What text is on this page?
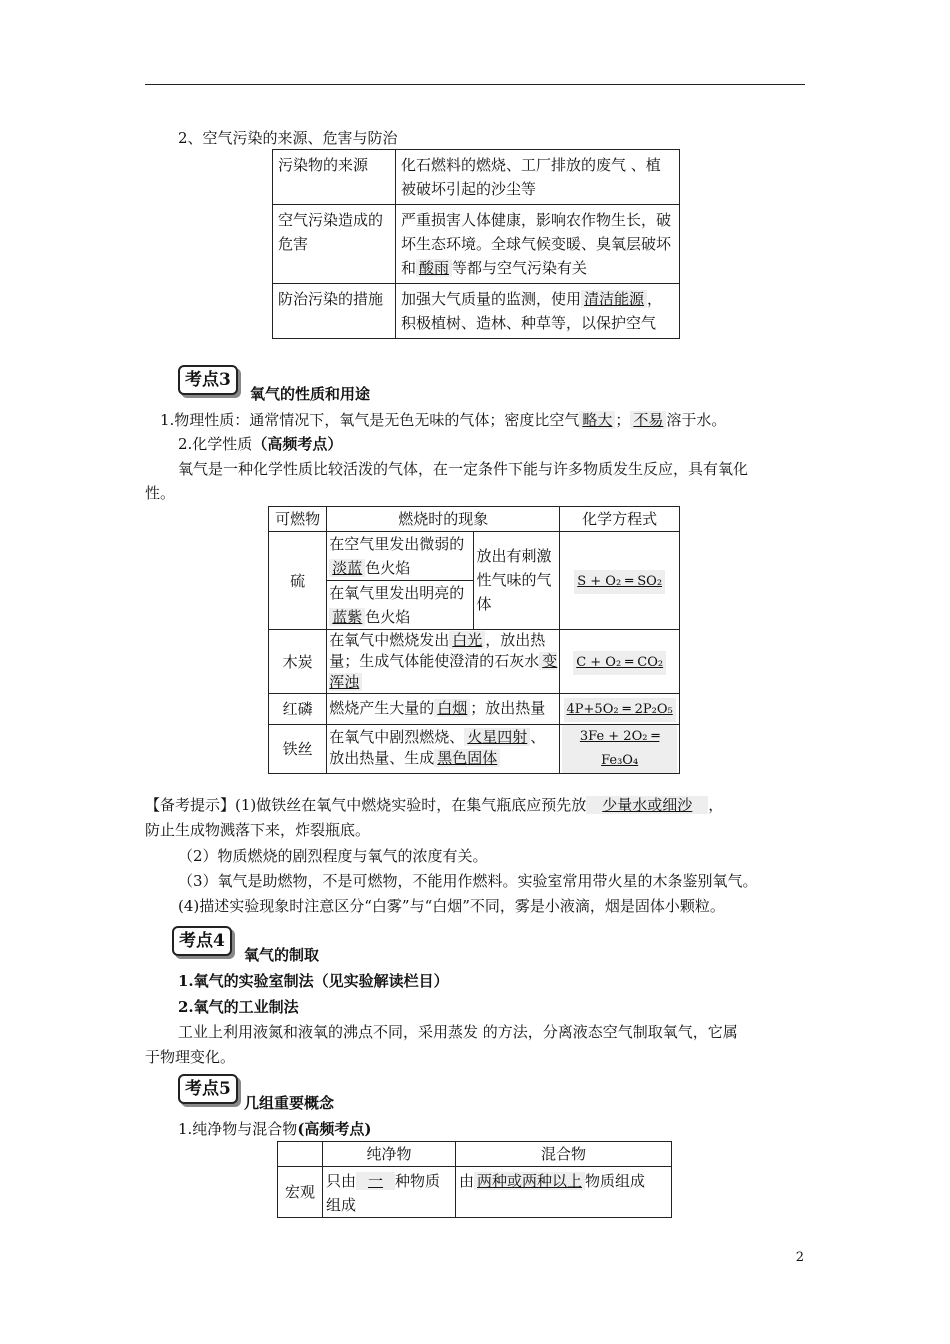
2、空气污染的来源、危害与防治
污染物的来源	化石燃料的燃烧、工厂排放的废气 、植被破坏引起的沙尘等
空气污染造成的危害	严重损害人体健康，影响农作物生长，破坏生态环境。全球气候变暖、臭氧层破坏和 酸雨 等都与空气污染有关
防治污染的措施	加强大气质量的监测，使用 清洁能源 ，积极植树、造林、种草等，以保护空气
考点3
氧气的性质和用途
1.物理性质：通常情况下，氧气是无色无味的气体；密度比空气 略大 ； 不易 溶于水。
2.化学性质（高频考点）
氧气是一种化学性质比较活泼的气体，在一定条件下能与许多物质发生反应，具有氧化
性。
可燃物	燃烧时的现象		化学方程式
硫	在空气里发出微弱的淡蓝 色火焰	放出有刺激性气味的气体	S + O₂ ═ SO₂
	在氧气里发出明亮的蓝紫 色火焰		
木炭	在氧气中燃烧发出 白光 ，放出热量；生成气体能使澄清的石灰水 变浑浊		C + O₂ ═ CO₂
红磷	燃烧产生大量的 白烟 ；放出热量		4P+5O₂ ═ 2P₂O₅
铁丝	在氧气中剧烈燃烧、 火星四射 、放出热量、生成 黑色固体		3Fe + 2O₂ ═ Fe₃O₄
【备考提示】(1)做铁丝在氧气中燃烧实验时，在集气瓶底应预先放 少量水或细沙 ，
防止生成物溅落下来，炸裂瓶底。
（2）物质燃烧的剧烈程度与氧气的浓度有关。
（3）氧气是助燃物，不是可燃物，不能用作燃料。实验室常用带火星的木条鉴别氧气。
(4)描述实验现象时注意区分“白雾”与“白烟”不同，雾是小液滴，烟是固体小颗粒。
考点4
氧气的制取
1.氧气的实验室制法（见实验解读栏目）
2.氧气的工业制法
工业上利用液氮和液氧的沸点不同，采用蒸发 的方法，分离液态空气制取氧气，它属
于物理变化。
考点5
几组重要概念
1.纯净物与混合物(高频考点)
	纯净物	混合物
宏观	只由 一 种物质组成	由 两种或两种以上 物质组成
2
